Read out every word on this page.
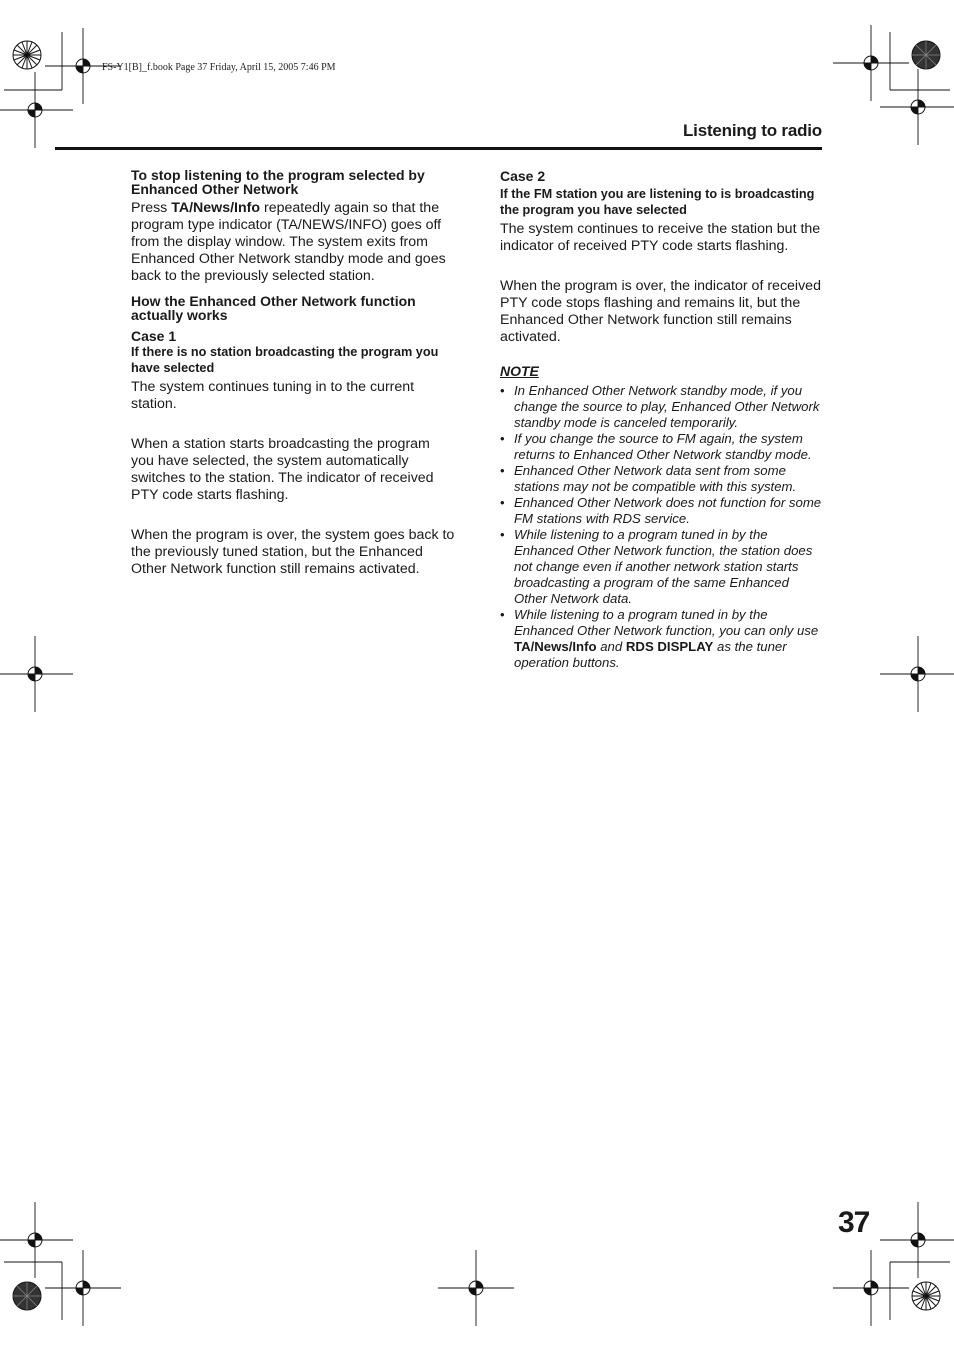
FS-Y1[B]_f.book Page 37 Friday, April 15, 2005 7:46 PM
Listening to radio

To stop listening to the program selected by Enhanced Other Network

Press TA/News/Info repeatedly again so that the program type indicator (TA/NEWS/INFO) goes off from the display window. The system exits from Enhanced Other Network standby mode and goes back to the previously selected station.

How the Enhanced Other Network function actually works

Case 1

If there is no station broadcasting the program you have selected

The system continues tuning in to the current station.

When a station starts broadcasting the program you have selected, the system automatically switches to the station. The indicator of received PTY code starts flashing.

When the program is over, the system goes back to the previously tuned station, but the Enhanced Other Network function still remains activated.

Case 2

If the FM station you are listening to is broadcasting the program you have selected

The system continues to receive the station but the indicator of received PTY code starts flashing.

When the program is over, the indicator of received PTY code stops flashing and remains lit, but the Enhanced Other Network function still remains activated.

NOTE

• In Enhanced Other Network standby mode, if you change the source to play, Enhanced Other Network standby mode is canceled temporarily.
• If you change the source to FM again, the system returns to Enhanced Other Network standby mode.
• Enhanced Other Network data sent from some stations may not be compatible with this system.
• Enhanced Other Network does not function for some FM stations with RDS service.
• While listening to a program tuned in by the Enhanced Other Network function, the station does not change even if another network station starts broadcasting a program of the same Enhanced Other Network data.
• While listening to a program tuned in by the Enhanced Other Network function, you can only use TA/News/Info and RDS DISPLAY as the tuner operation buttons.
37
